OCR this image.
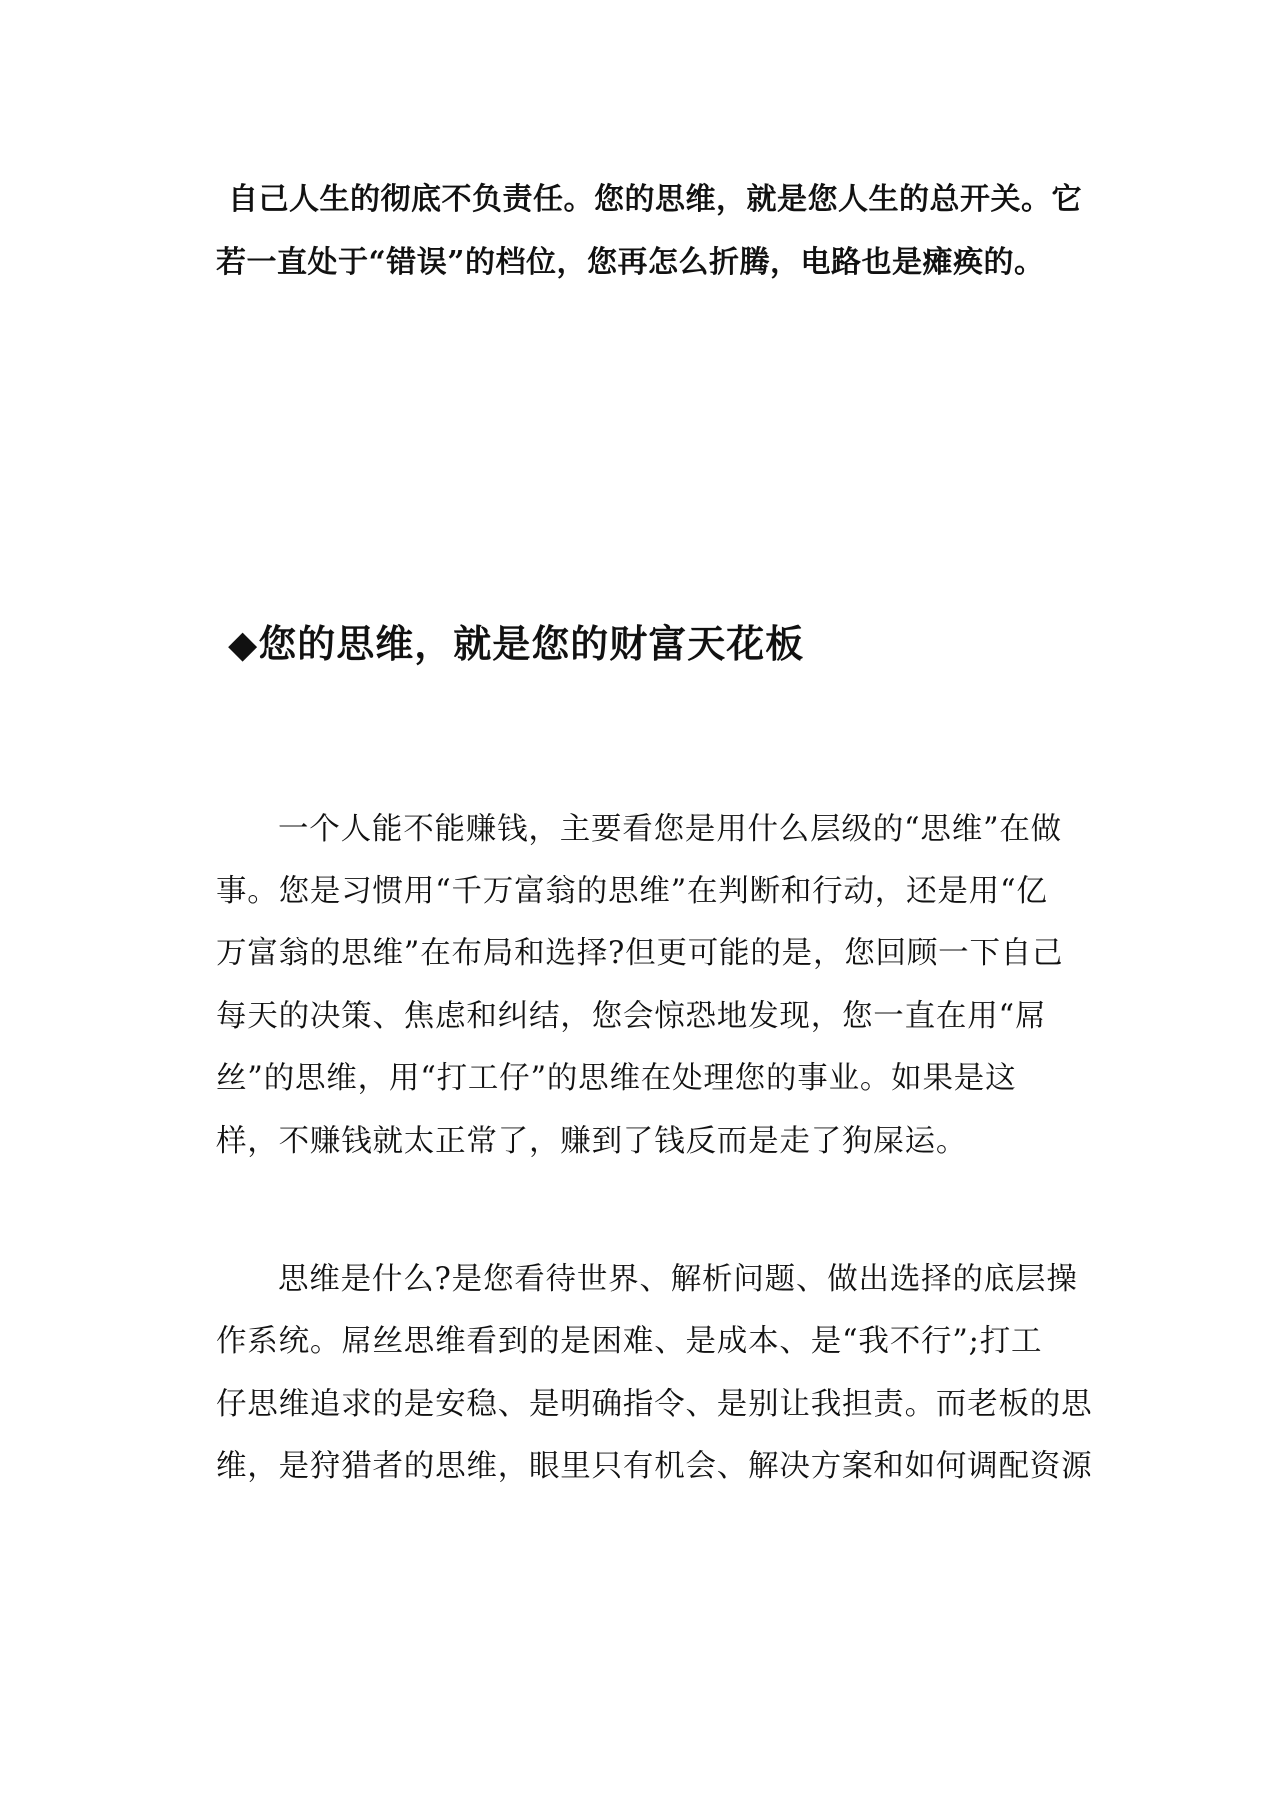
自己人生的彻底不负责任。您的思维，就是您人生的总开关。它

若一直处于“错误”的档位，您再怎么折腾，电路也是瘫痪的。

◆您的思维，就是您的财富天花板

一个人能不能赚钱，主要看您是用什么层级的“思维”在做

事。您是习惯用“千万富翁的思维”在判断和行动，还是用“亿

万富翁的思维”在布局和选择?但更可能的是，您回顾一下自己

每天的决策、焦虑和纠结，您会惊恐地发现，您一直在用“屌

丝”的思维，用“打工仔”的思维在处理您的事业。如果是这

样，不赚钱就太正常了，赚到了钱反而是走了狗屎运。

思维是什么?是您看待世界、解析问题、做出选择的底层操

作系统。屌丝思维看到的是困难、是成本、是“我不行”;打工

仔思维追求的是安稳、是明确指令、是别让我担责。而老板的思

维，是狩猎者的思维，眼里只有机会、解决方案和如何调配资源
